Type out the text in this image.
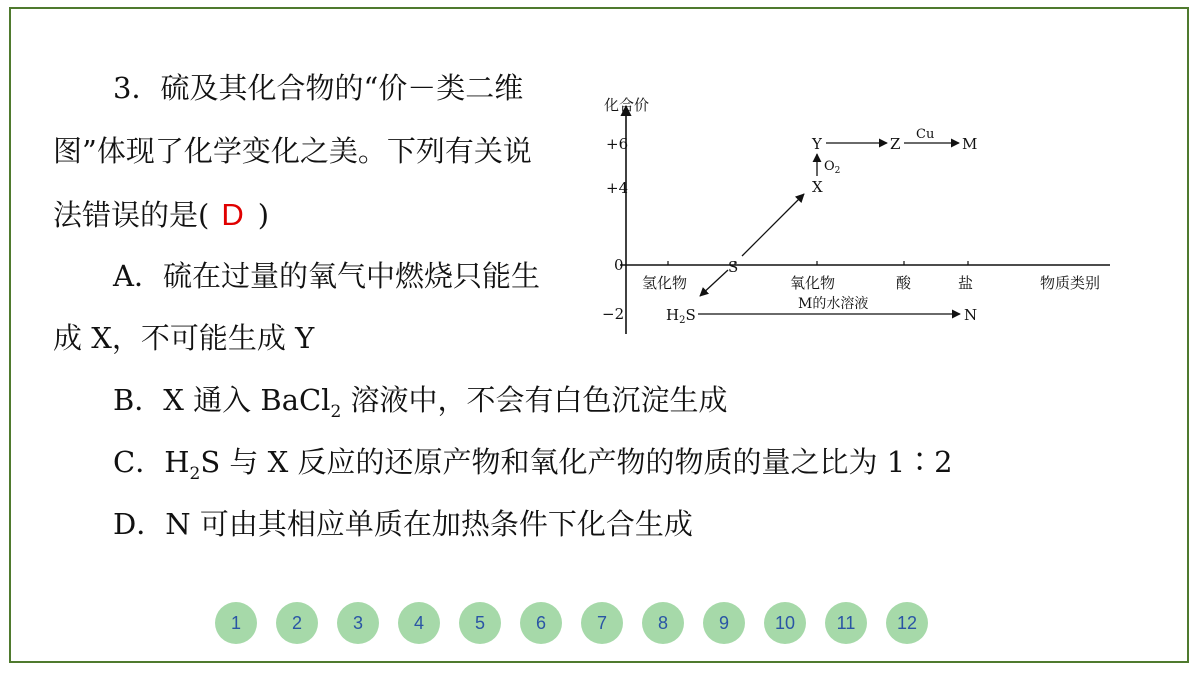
3．硫及其化合物的“价－类二维
图”体现了化学变化之美。下列有关说
法错误的是( D )
A．硫在过量的氧气中燃烧只能生
成 X，不可能生成 Y
B．X 通入 BaCl$_2$ 溶液中，不会有白色沉淀生成
C．$H_2S$ 与 X 反应的还原产物和氧化产物的物质的量之比为 1∶2
D．N 可由其相应单质在加热条件下化合生成
化合价
物质类别
+6
+4
0
−2
氢化物	氧化物	酸	盐
S
X
Y	Z	M
$H_2S$	N
$O_2$
Cu
M的水溶液
1	2	3	4	5	6	7	8	9	10	11	12
